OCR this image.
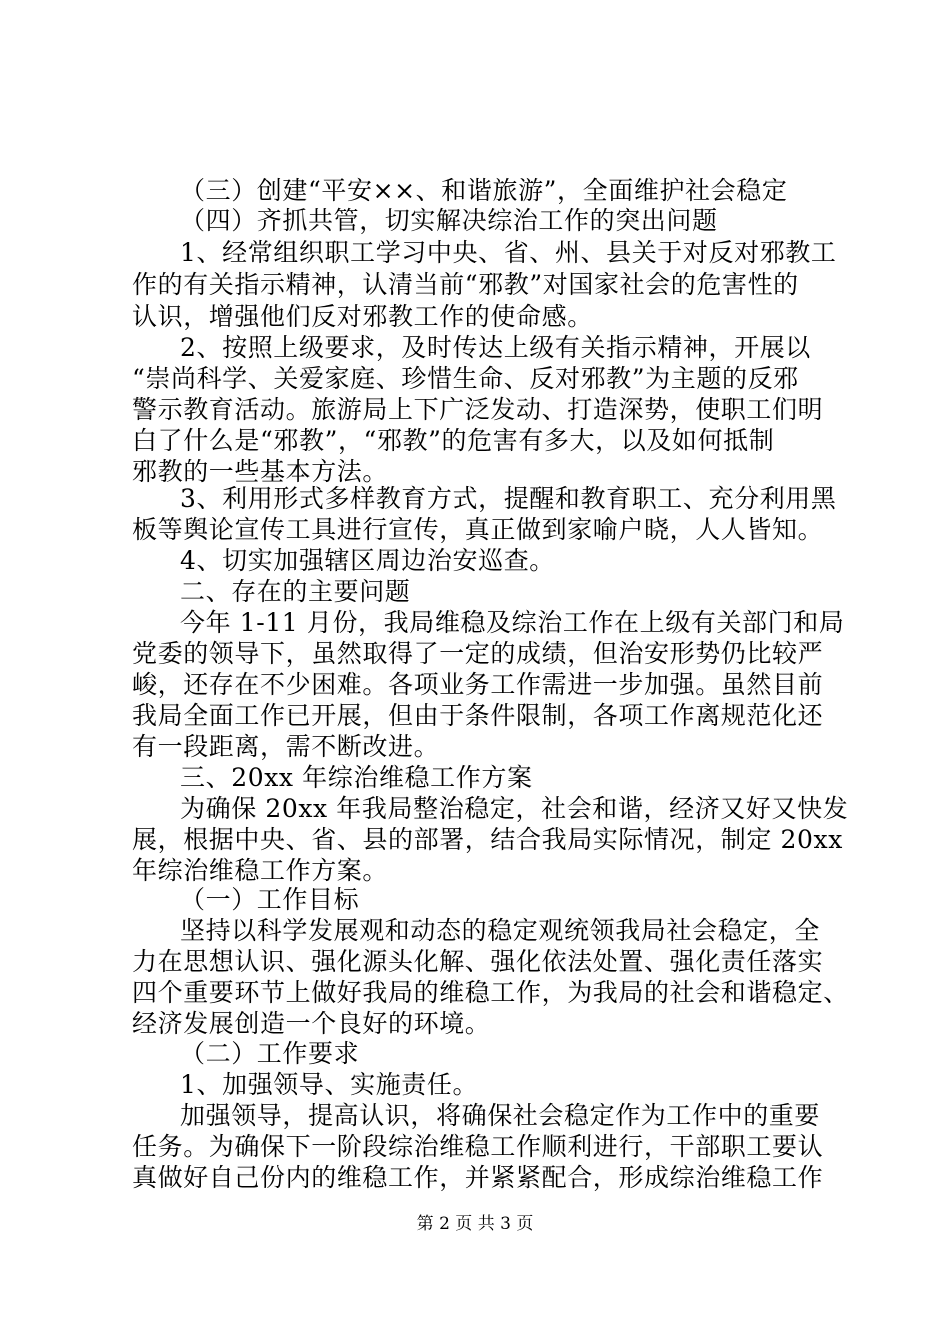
（三）创建“平安××、和谐旅游”，全面维护社会稳定
（四）齐抓共管，切实解决综治工作的突出问题
1、经常组织职工学习中央、省、州、县关于对反对邪教工
作的有关指示精神，认清当前“邪教”对国家社会的危害性的
认识，增强他们反对邪教工作的使命感。
2、按照上级要求，及时传达上级有关指示精神，开展以
“崇尚科学、关爱家庭、珍惜生命、反对邪教”为主题的反邪
警示教育活动。旅游局上下广泛发动、打造深势，使职工们明
白了什么是“邪教”，“邪教”的危害有多大，以及如何抵制
邪教的一些基本方法。
3、利用形式多样教育方式，提醒和教育职工、充分利用黑
板等舆论宣传工具进行宣传，真正做到家喻户晓，人人皆知。
4、切实加强辖区周边治安巡查。
二、存在的主要问题
今年 1-11 月份，我局维稳及综治工作在上级有关部门和局
党委的领导下，虽然取得了一定的成绩，但治安形势仍比较严
峻，还存在不少困难。各项业务工作需进一步加强。虽然目前
我局全面工作已开展，但由于条件限制，各项工作离规范化还
有一段距离，需不断改进。
三、20xx 年综治维稳工作方案
为确保 20xx 年我局整治稳定，社会和谐，经济又好又快发
展，根据中央、省、县的部署，结合我局实际情况，制定 20xx
年综治维稳工作方案。
（一）工作目标
坚持以科学发展观和动态的稳定观统领我局社会稳定，全
力在思想认识、强化源头化解、强化依法处置、强化责任落实
四个重要环节上做好我局的维稳工作，为我局的社会和谐稳定、
经济发展创造一个良好的环境。
（二）工作要求
1、加强领导、实施责任。
加强领导，提高认识，将确保社会稳定作为工作中的重要
任务。为确保下一阶段综治维稳工作顺利进行，干部职工要认
真做好自己份内的维稳工作，并紧紧配合，形成综治维稳工作
第 2 页 共 3 页
